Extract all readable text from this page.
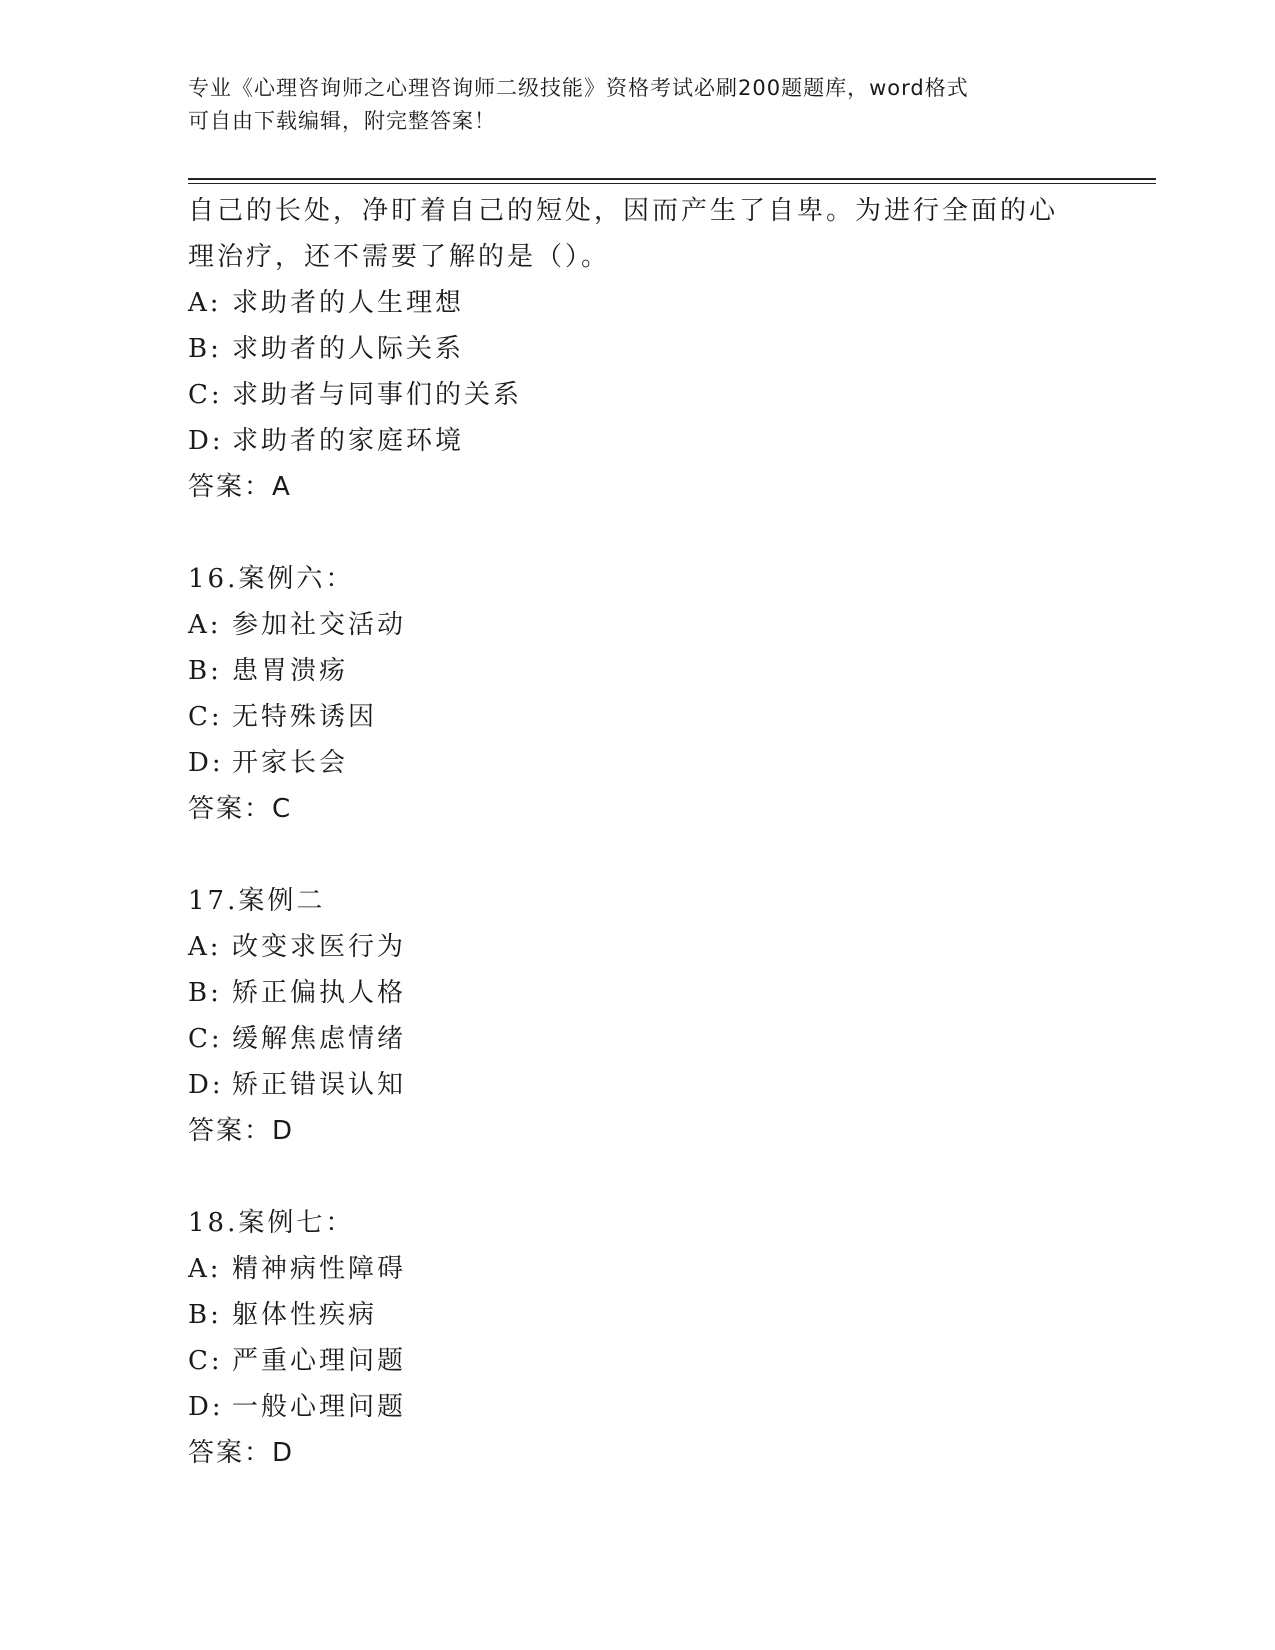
专业《心理咨询师之心理咨询师二级技能》资格考试必刷200题题库，word格式
可自由下载编辑，附完整答案！
自己的长处，净盯着自己的短处，因而产生了自卑。为进行全面的心
理治疗，还不需要了解的是（）。
A: 求助者的人生理想
B: 求助者的人际关系
C: 求助者与同事们的关系
D: 求助者的家庭环境
答案：A
16.案例六：
A: 参加社交活动
B: 患胃溃疡
C: 无特殊诱因
D: 开家长会
答案：C
17.案例二
A: 改变求医行为
B: 矫正偏执人格
C: 缓解焦虑情绪
D: 矫正错误认知
答案：D
18.案例七：
A: 精神病性障碍
B: 躯体性疾病
C: 严重心理问题
D: 一般心理问题
答案：D
